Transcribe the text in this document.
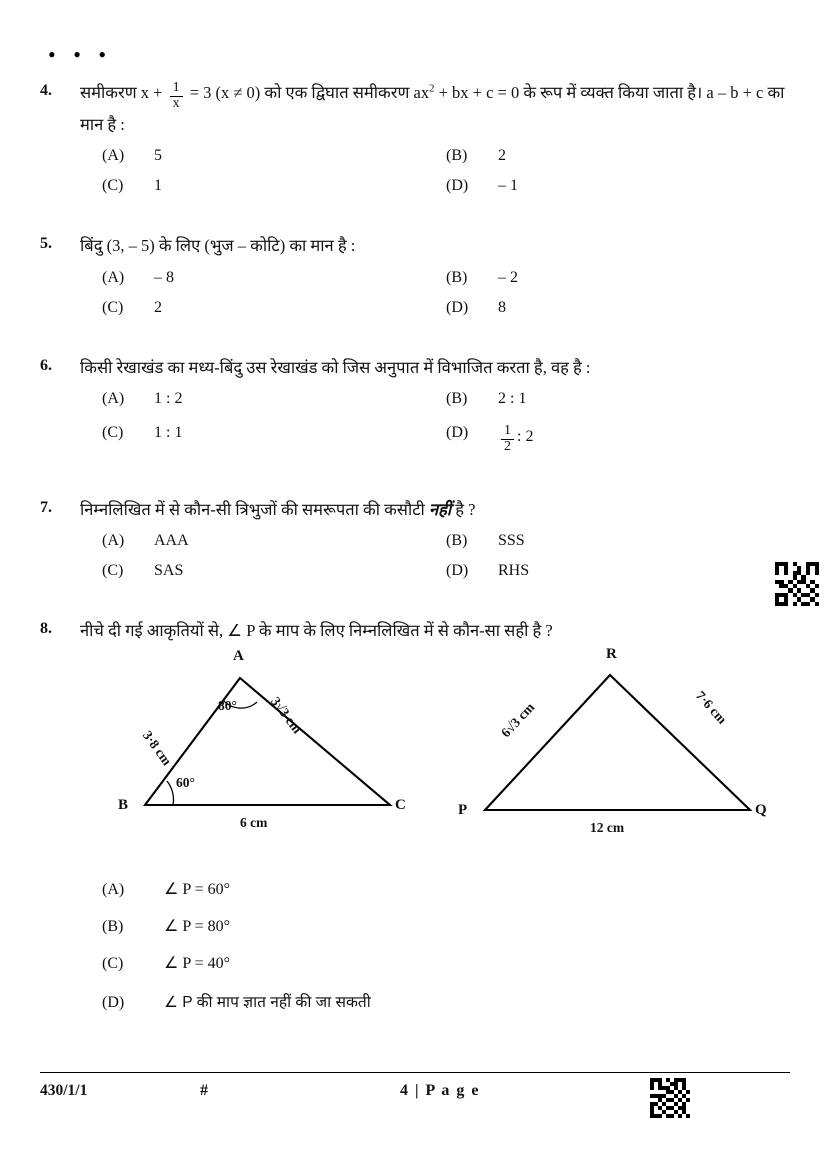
• • •
4.	समीकरण $x + \frac{1}{x} = 3$ (x ≠ 0) को एक द्विघात समीकरण $ax^2$ + bx + c = 0 के रूप में व्यक्त किया जाता है। a – b + c का मान है :
(A)	5	(B)	2
(C)	1	(D)	– 1
5.	बिंदु (3, – 5) के लिए (भुज – कोटि) का मान है :
(A)	– 8	(B)	– 2
(C)	2	(D)	8
6.	किसी रेखाखंड का मध्य-बिंदु उस रेखाखंड को जिस अनुपात में विभाजित करता है, वह है :
(A)	1 : 2	(B)	2 : 1
(C)	1 : 1	(D)	$\frac{1}{2}$ : 2
7.	निम्नलिखित में से कौन-सी त्रिभुजों की समरूपता की कसौटी नहीं है ?
(A)	AAA	(B)	SSS
(C)	SAS	(D)	RHS
8.	नीचे दी गई आकृतियों से, ∠ P के माप के लिए निम्नलिखित में से कौन-सा सही है ?
A
B	C
80°
60°
3·8 cm
3√3 cm
6 cm
R
P	Q
6√3 cm	7·6 cm
12 cm
(A)	∠ P = 60°
(B)	∠ P = 80°
(C)	∠ P = 40°
(D)	∠ P की माप ज्ञात नहीं की जा सकती
430/1/1	#	4 | P a g e
